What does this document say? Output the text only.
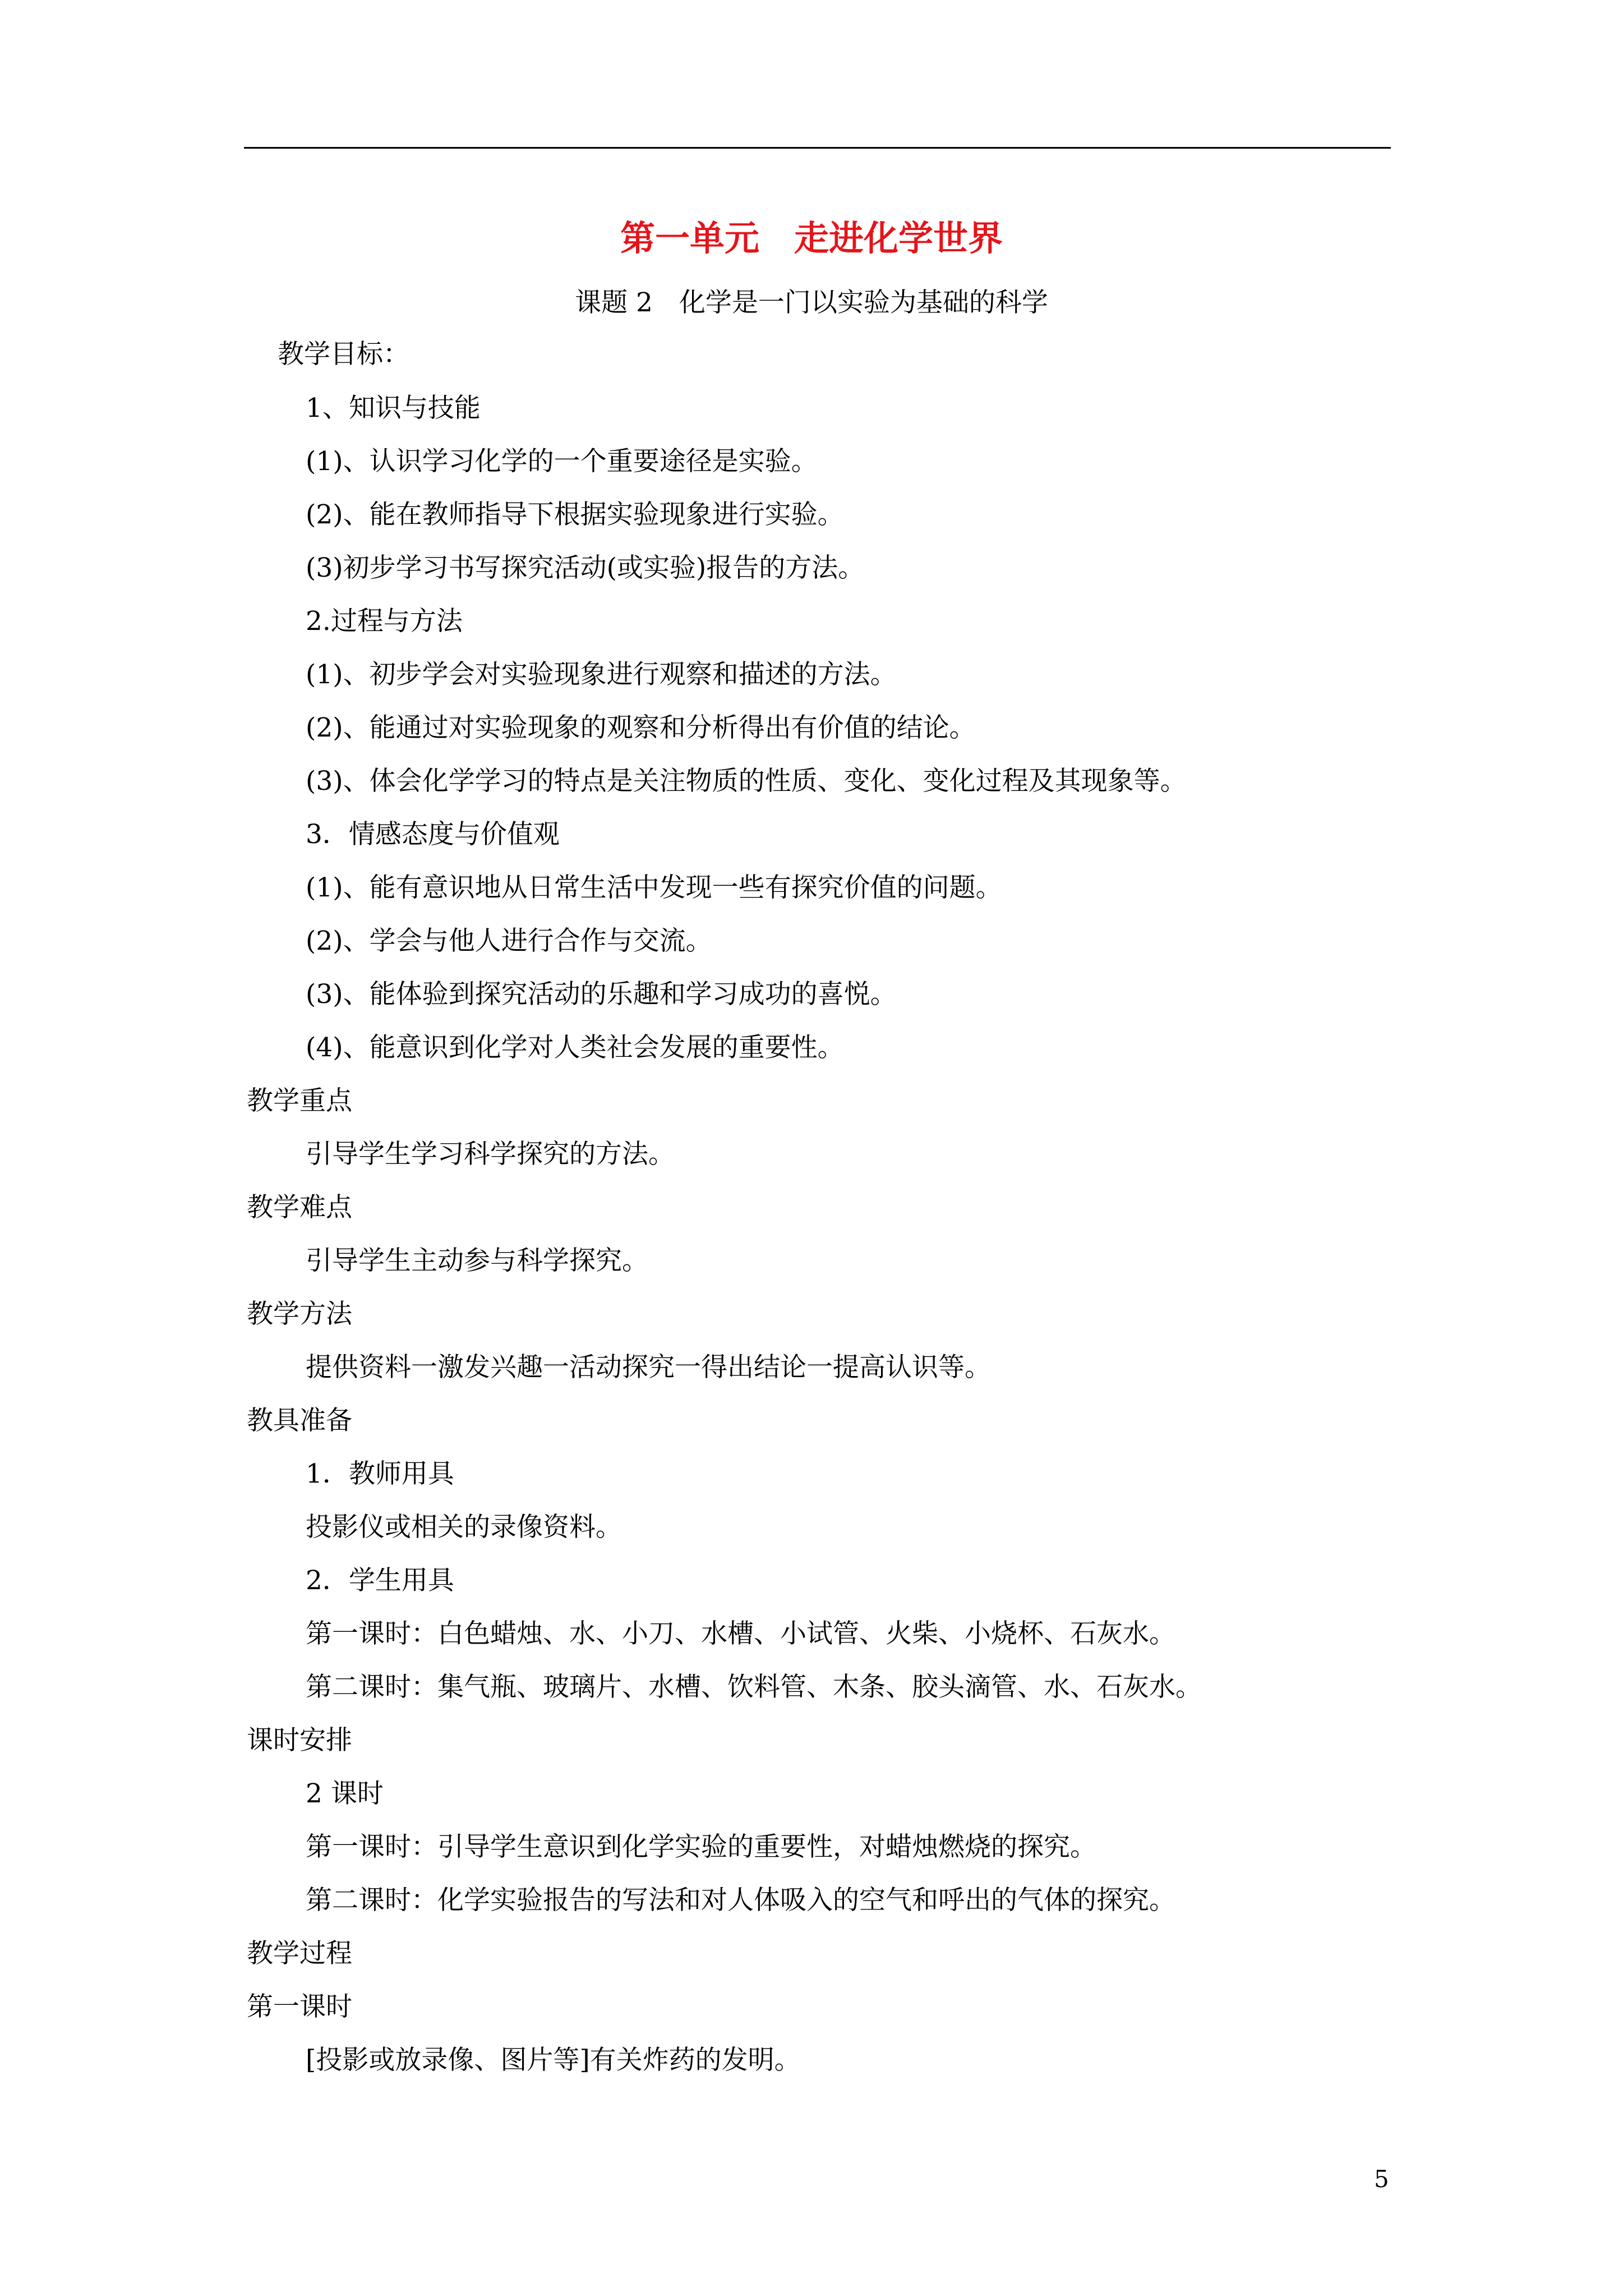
第一单元　走进化学世界
课题 2　化学是一门以实验为基础的科学
教学目标：
1、知识与技能
(1)、认识学习化学的一个重要途径是实验。
(2)、能在教师指导下根据实验现象进行实验。
(3)初步学习书写探究活动(或实验)报告的方法。
2.过程与方法
(1)、初步学会对实验现象进行观察和描述的方法。
(2)、能通过对实验现象的观察和分析得出有价值的结论。
(3)、体会化学学习的特点是关注物质的性质、变化、变化过程及其现象等。
3．情感态度与价值观
(1)、能有意识地从日常生活中发现一些有探究价值的问题。
(2)、学会与他人进行合作与交流。
(3)、能体验到探究活动的乐趣和学习成功的喜悦。
(4)、能意识到化学对人类社会发展的重要性。
教学重点
引导学生学习科学探究的方法。
教学难点
引导学生主动参与科学探究。
教学方法
提供资料一激发兴趣一活动探究一得出结论一提高认识等。
教具准备
1．教师用具
投影仪或相关的录像资料。
2．学生用具
第一课时：白色蜡烛、水、小刀、水槽、小试管、火柴、小烧杯、石灰水。
第二课时：集气瓶、玻璃片、水槽、饮料管、木条、胶头滴管、水、石灰水。
课时安排
2 课时
第一课时：引导学生意识到化学实验的重要性，对蜡烛燃烧的探究。
第二课时：化学实验报告的写法和对人体吸入的空气和呼出的气体的探究。
教学过程
第一课时
[投影或放录像、图片等]有关炸药的发明。
5
